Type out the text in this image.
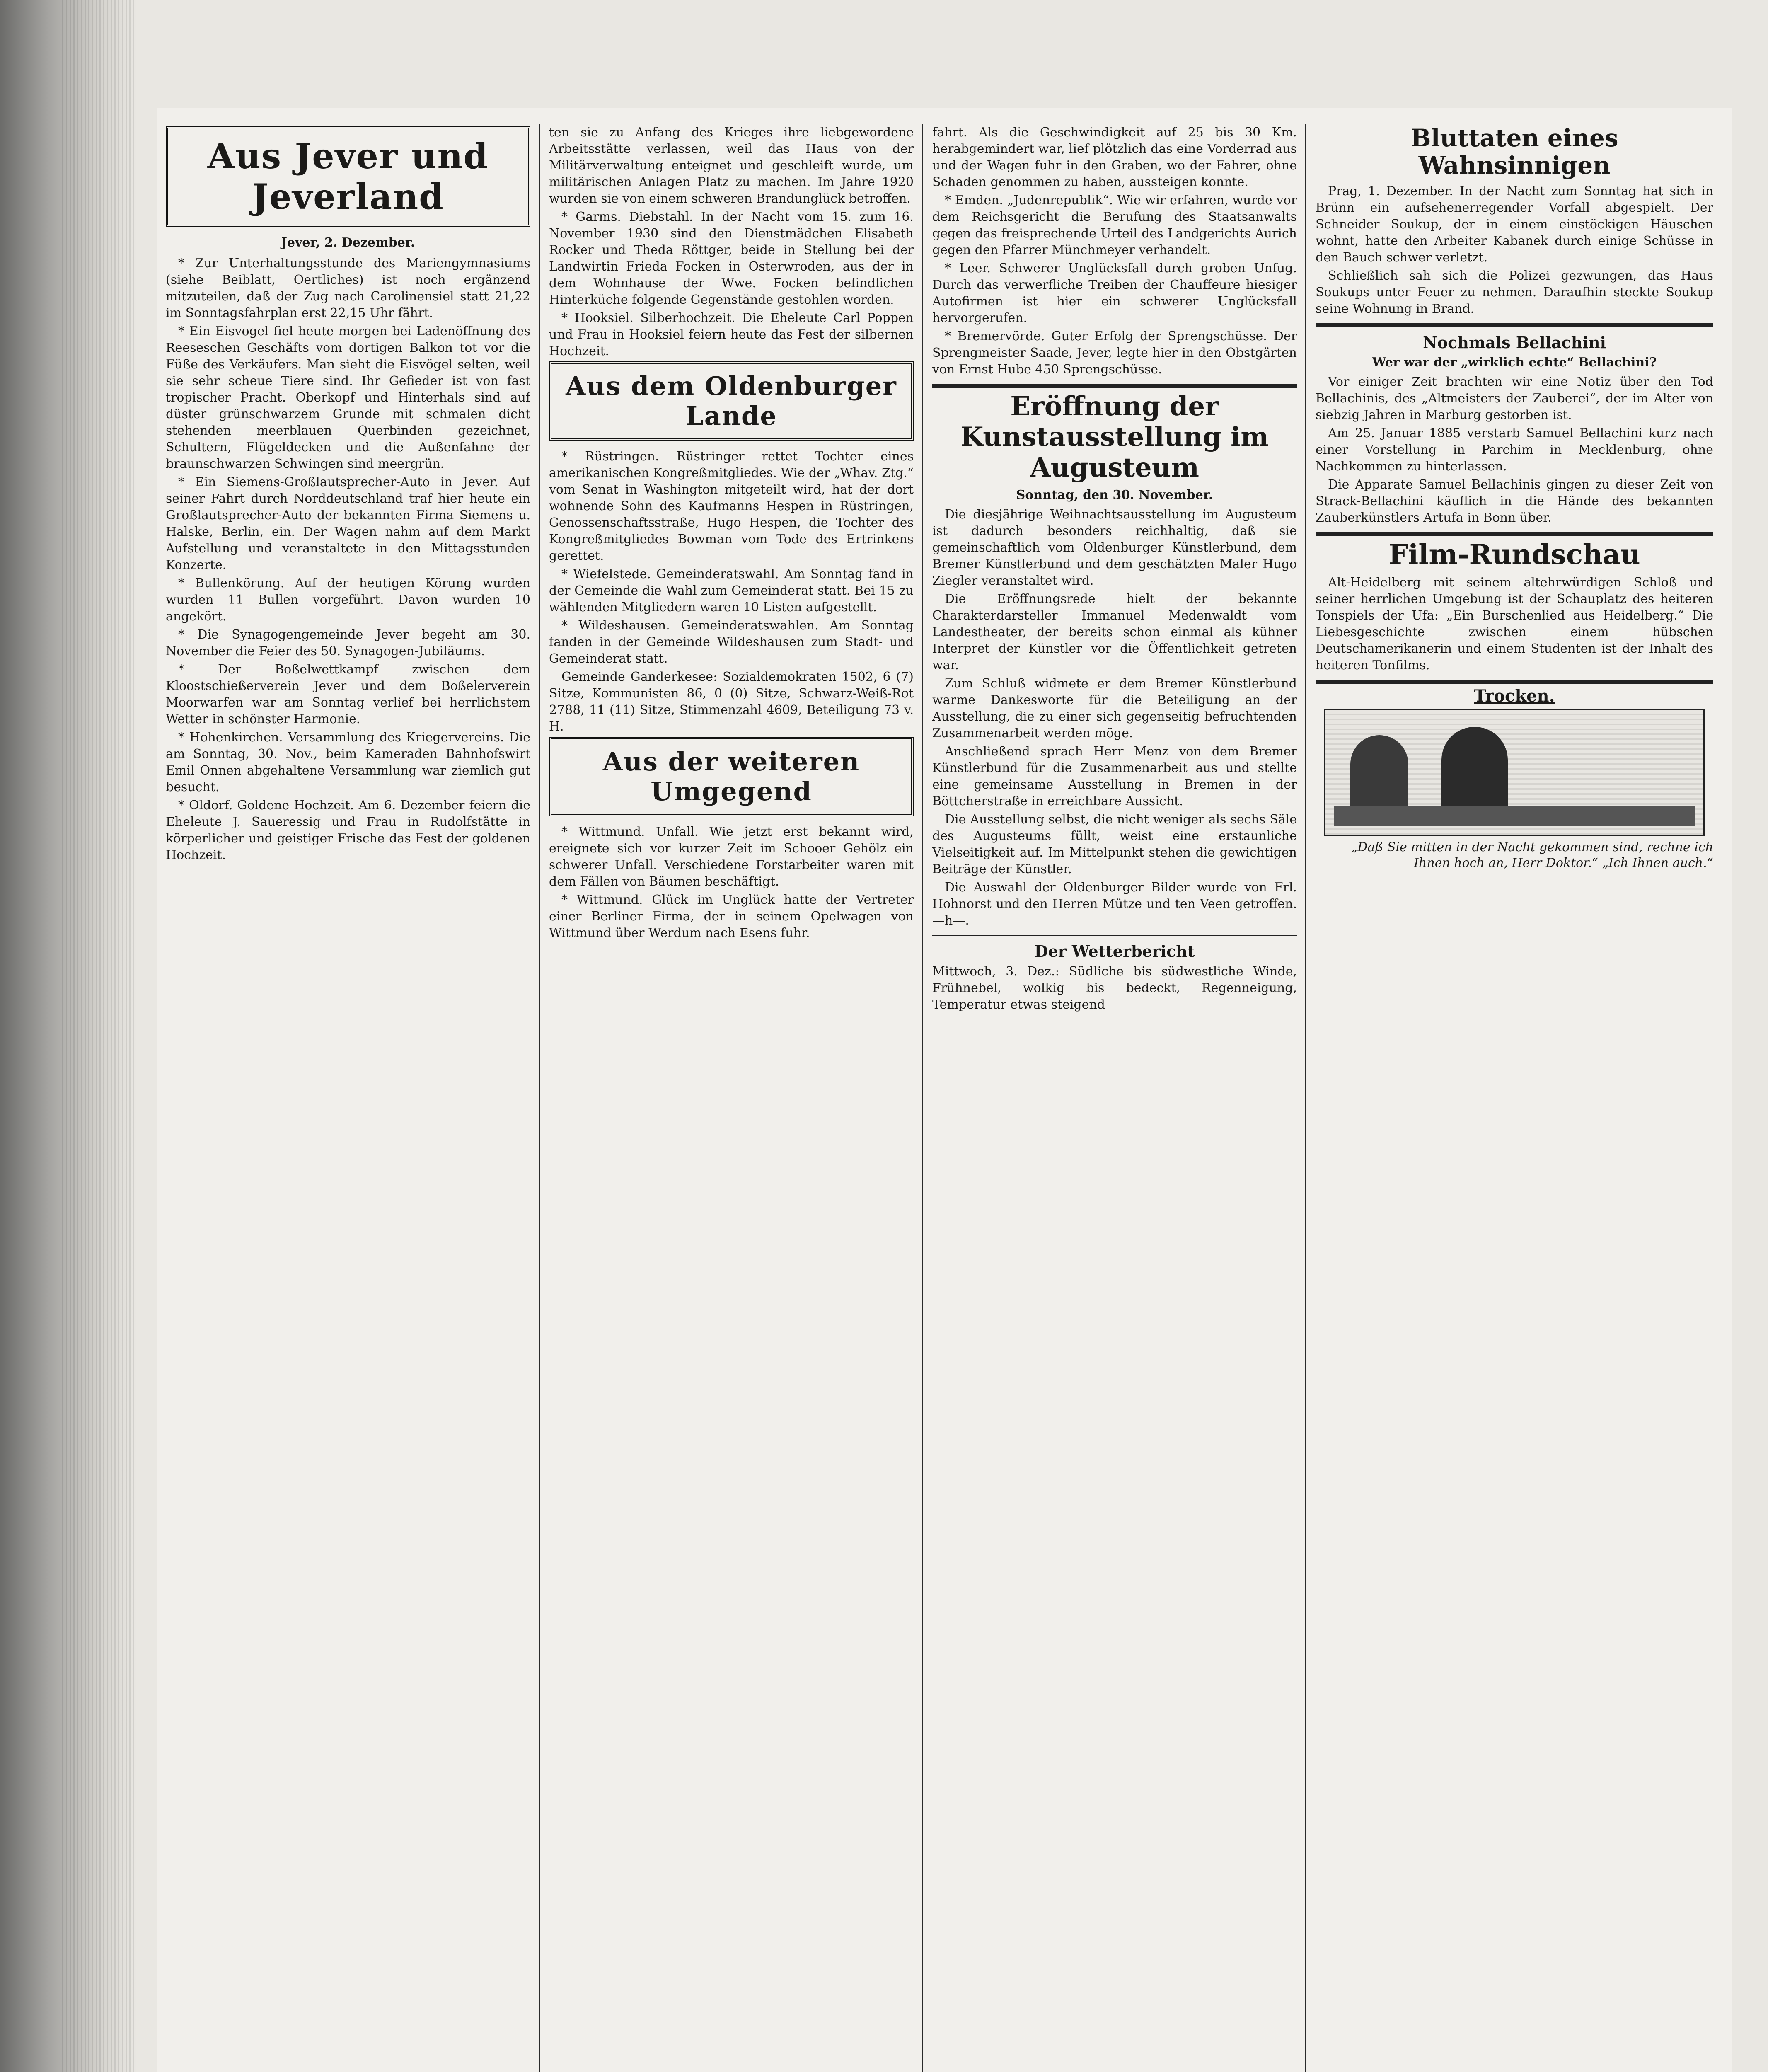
Aus Jever und Jeverland
Jever, 2. Dezember.

* Zur Unterhaltungsstunde des Mariengymnasiums (siehe Beiblatt, Oertliches) ist noch ergänzend mitzuteilen, daß der Zug nach Carolinensiel statt 21,22 im Sonntagsfahrplan erst 22,15 Uhr fährt.

* Ein Eisvogel fiel heute morgen bei Ladenöffnung des Reeseschen Geschäfts vom dortigen Balkon tot vor die Füße des Verkäufers. Man sieht die Eisvögel selten, weil sie sehr scheue Tiere sind. Ihr Gefieder ist von fast tropischer Pracht. Oberkopf und Hinterhals sind auf düster grünschwarzem Grunde mit schmalen dicht stehenden meerblauen Querbinden gezeichnet, Schultern, Flügeldecken und die Außenfahne der braunschwarzen Schwingen sind meergrün.

* Ein Siemens-Großlautsprecher-Auto in Jever. Auf seiner Fahrt durch Norddeutschland traf hier heute ein Großlautsprecher-Auto der bekannten Firma Siemens u. Halske, Berlin, ein. Der Wagen nahm auf dem Markt Aufstellung und veranstaltete in den Mittagsstunden Konzerte.

* Bullenkörung. Auf der heutigen Körung wurden wurden 11 Bullen vorgeführt. Davon wurden 10 angekört.

* Die Synagogengemeinde Jever begeht am 30. November die Feier des 50. Synagogen-Jubiläums.

* Der Boßelwettkampf zwischen dem Kloostschießerverein Jever und dem Boßelerverein Moorwarfen war am Sonntag verlief bei herrlichstem Wetter in schönster Harmonie.

* Hohenkirchen. Versammlung des Kriegervereins. Die am Sonntag, 30. Nov., beim Kameraden Bahnhofswirt Emil Onnen abgehaltene Versammlung war ziemlich gut besucht.

* Oldorf. Goldene Hochzeit. Am 6. Dezember feiern die Eheleute J. Saueressig und Frau in Rudolfstätte in körperlicher und geistiger Frische das Fest der goldenen Hochzeit.

ten sie zu Anfang des Krieges ihre liebgewordene Arbeitsstätte verlassen, weil das Haus von der Militärverwaltung enteignet und geschleift wurde, um militärischen Anlagen Platz zu machen. Im Jahre 1920 wurden sie von einem schweren Brandunglück betroffen.

* Garms. Diebstahl. In der Nacht vom 15. zum 16. November 1930 sind den Dienstmädchen Elisabeth Rocker und Theda Röttger, beide in Stellung bei der Landwirtin Frieda Focken in Osterwroden, aus der in dem Wohnhause der Wwe. Focken befindlichen Hinterküche folgende Gegenstände gestohlen worden.

* Hooksiel. Silberhochzeit. Die Eheleute Carl Poppen und Frau in Hooksiel feiern heute das Fest der silbernen Hochzeit.

Aus dem Oldenburger Lande

* Rüstringen. Rüstringer rettet Tochter eines amerikanischen Kongreßmitgliedes. Wie der „Whav. Ztg.“ vom Senat in Washington mitgeteilt wird, hat der dort wohnende Sohn des Kaufmanns Hespen in Rüstringen, Genossenschaftsstraße, Hugo Hespen, die Tochter des Kongreßmitgliedes Bowman vom Tode des Ertrinkens gerettet.

* Wiefelstede. Gemeinderatswahl. Am Sonntag fand in der Gemeinde die Wahl zum Gemeinderat statt. Bei 15 zu wählenden Mitgliedern waren 10 Listen aufgestellt.

* Wildeshausen. Gemeinderatswahlen. Am Sonntag fanden in der Gemeinde Wildeshausen zum Stadt- und Gemeinderat statt.

Gemeinde Ganderkesee: Sozialdemokraten 1502, 6 (7) Sitze, Kommunisten 86, 0 (0) Sitze, Schwarz-Weiß-Rot 2788, 11 (11) Sitze, Stimmenzahl 4609, Beteiligung 73 v. H.

Aus der weiteren Umgegend

* Wittmund. Unfall. Wie jetzt erst bekannt wird, ereignete sich vor kurzer Zeit im Schooer Gehölz ein schwerer Unfall. Verschiedene Forstarbeiter waren mit dem Fällen von Bäumen beschäftigt.

* Wittmund. Glück im Unglück hatte der Vertreter einer Berliner Firma, der in seinem Opelwagen von Wittmund über Werdum nach Esens fuhr.

fahrt. Als die Geschwindigkeit auf 25 bis 30 Km. herabgemindert war, lief plötzlich das eine Vorderrad aus und der Wagen fuhr in den Graben, wo der Fahrer, ohne Schaden genommen zu haben, aussteigen konnte.

* Emden. „Judenrepublik“. Wie wir erfahren, wurde vor dem Reichsgericht die Berufung des Staatsanwalts gegen das freisprechende Urteil des Landgerichts Aurich gegen den Pfarrer Münchmeyer verhandelt.

* Leer. Schwerer Unglücksfall durch groben Unfug. Durch das verwerfliche Treiben der Chauffeure hiesiger Autofirmen ist hier ein schwerer Unglücksfall hervorgerufen.

* Bremervörde. Guter Erfolg der Sprengschüsse. Der Sprengmeister Saade, Jever, legte hier in den Obstgärten von Ernst Hube 450 Sprengschüsse.

Eröffnung der Kunstausstellung im Augusteum
Sonntag, den 30. November.

Die diesjährige Weihnachtsausstellung im Augusteum ist dadurch besonders reichhaltig, daß sie gemeinschaftlich vom Oldenburger Künstlerbund, dem Bremer Künstlerbund und dem geschätzten Maler Hugo Ziegler veranstaltet wird.

Die Eröffnungsrede hielt der bekannte Charakterdarsteller Immanuel Medenwaldt vom Landestheater, der bereits schon einmal als kühner Interpret der Künstler vor die Öffentlichkeit getreten war.

Zum Schluß widmete er dem Bremer Künstlerbund warme Dankesworte für die Beteiligung an der Ausstellung, die zu einer sich gegenseitig befruchtenden Zusammenarbeit werden möge.

Anschließend sprach Herr Menz von dem Bremer Künstlerbund für die Zusammenarbeit aus und stellte eine gemeinsame Ausstellung in Bremen in der Böttcherstraße in erreichbare Aussicht.

Die Ausstellung selbst, die nicht weniger als sechs Säle des Augusteums füllt, weist eine erstaunliche Vielseitigkeit auf. Im Mittelpunkt stehen die gewichtigen Beiträge der Künstler.

Die Auswahl der Oldenburger Bilder wurde von Frl. Hohnorst und den Herren Mütze und ten Veen getroffen. —h—.

Der Wetterbericht
Mittwoch, 3. Dez.: Südliche bis südwestliche Winde, Frühnebel, wolkig bis bedeckt, Regenneigung, Temperatur etwas steigend
Bluttaten eines Wahnsinnigen

Prag, 1. Dezember. In der Nacht zum Sonntag hat sich in Brünn ein aufsehenerregender Vorfall abgespielt. Der Schneider Soukup, der in einem einstöckigen Häuschen wohnt, hatte den Arbeiter Kabanek durch einige Schüsse in den Bauch schwer verletzt.

Schließlich sah sich die Polizei gezwungen, das Haus Soukups unter Feuer zu nehmen. Daraufhin steckte Soukup seine Wohnung in Brand.

Nochmals Bellachini
Wer war der „wirklich echte“ Bellachini?

Vor einiger Zeit brachten wir eine Notiz über den Tod Bellachinis, des „Altmeisters der Zauberei“, der im Alter von siebzig Jahren in Marburg gestorben ist.

Am 25. Januar 1885 verstarb Samuel Bellachini kurz nach einer Vorstellung in Parchim in Mecklenburg, ohne Nachkommen zu hinterlassen.

Die Apparate Samuel Bellachinis gingen zu dieser Zeit von Strack-Bellachini käuflich in die Hände des bekannten Zauberkünstlers Artufa in Bonn über.

Film-Rundschau

Alt-Heidelberg mit seinem altehrwürdigen Schloß und seiner herrlichen Umgebung ist der Schauplatz des heiteren Tonspiels der Ufa: „Ein Burschenlied aus Heidelberg.“ Die Liebesgeschichte zwischen einem hübschen Deutschamerikanerin und einem Studenten ist der Inhalt des heiteren Tonfilms.

Trocken.
„Daß Sie mitten in der Nacht gekommen sind, rechne ich Ihnen hoch an, Herr Doktor.“ „Ich Ihnen auch.“
